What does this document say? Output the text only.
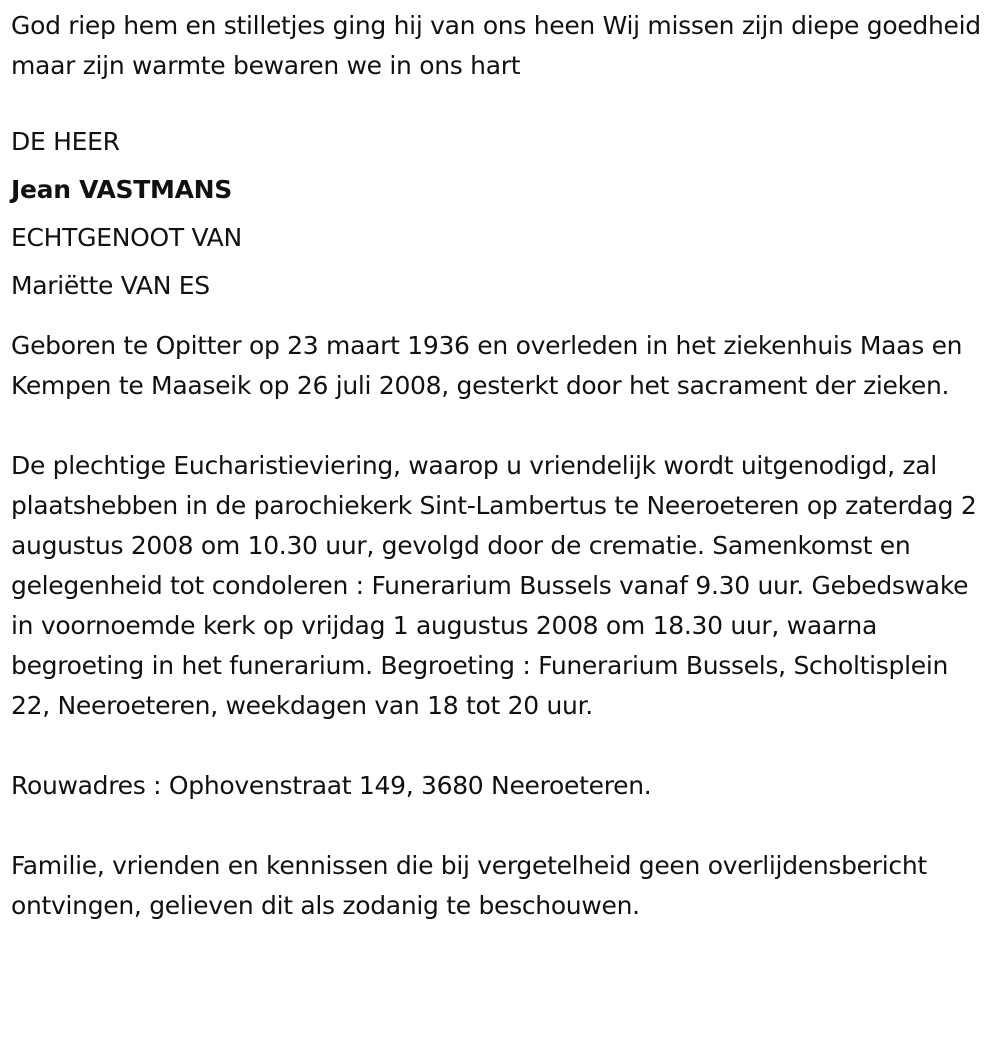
God riep hem en stilletjes ging hij van ons heen Wij missen zijn diepe goedheid maar zijn warmte bewaren we in ons hart

DE HEER

Jean VASTMANS

ECHTGENOOT VAN

Mariëtte VAN ES

Geboren te Opitter op 23 maart 1936 en overleden in het ziekenhuis Maas en Kempen te Maaseik op 26 juli 2008, gesterkt door het sacrament der zieken.

De plechtige Eucharistieviering, waarop u vriendelijk wordt uitgenodigd, zal plaatshebben in de parochiekerk Sint-Lambertus te Neeroeteren op zaterdag 2 augustus 2008 om 10.30 uur, gevolgd door de crematie. Samenkomst en gelegenheid tot condoleren : Funerarium Bussels vanaf 9.30 uur. Gebedswake in voornoemde kerk op vrijdag 1 augustus 2008 om 18.30 uur, waarna begroeting in het funerarium. Begroeting : Funerarium Bussels, Scholtisplein 22, Neeroeteren, weekdagen van 18 tot 20 uur.

Rouwadres : Ophovenstraat 149, 3680 Neeroeteren.

Familie, vrienden en kennissen die bij vergetelheid geen overlijdensbericht ontvingen, gelieven dit als zodanig te beschouwen.
